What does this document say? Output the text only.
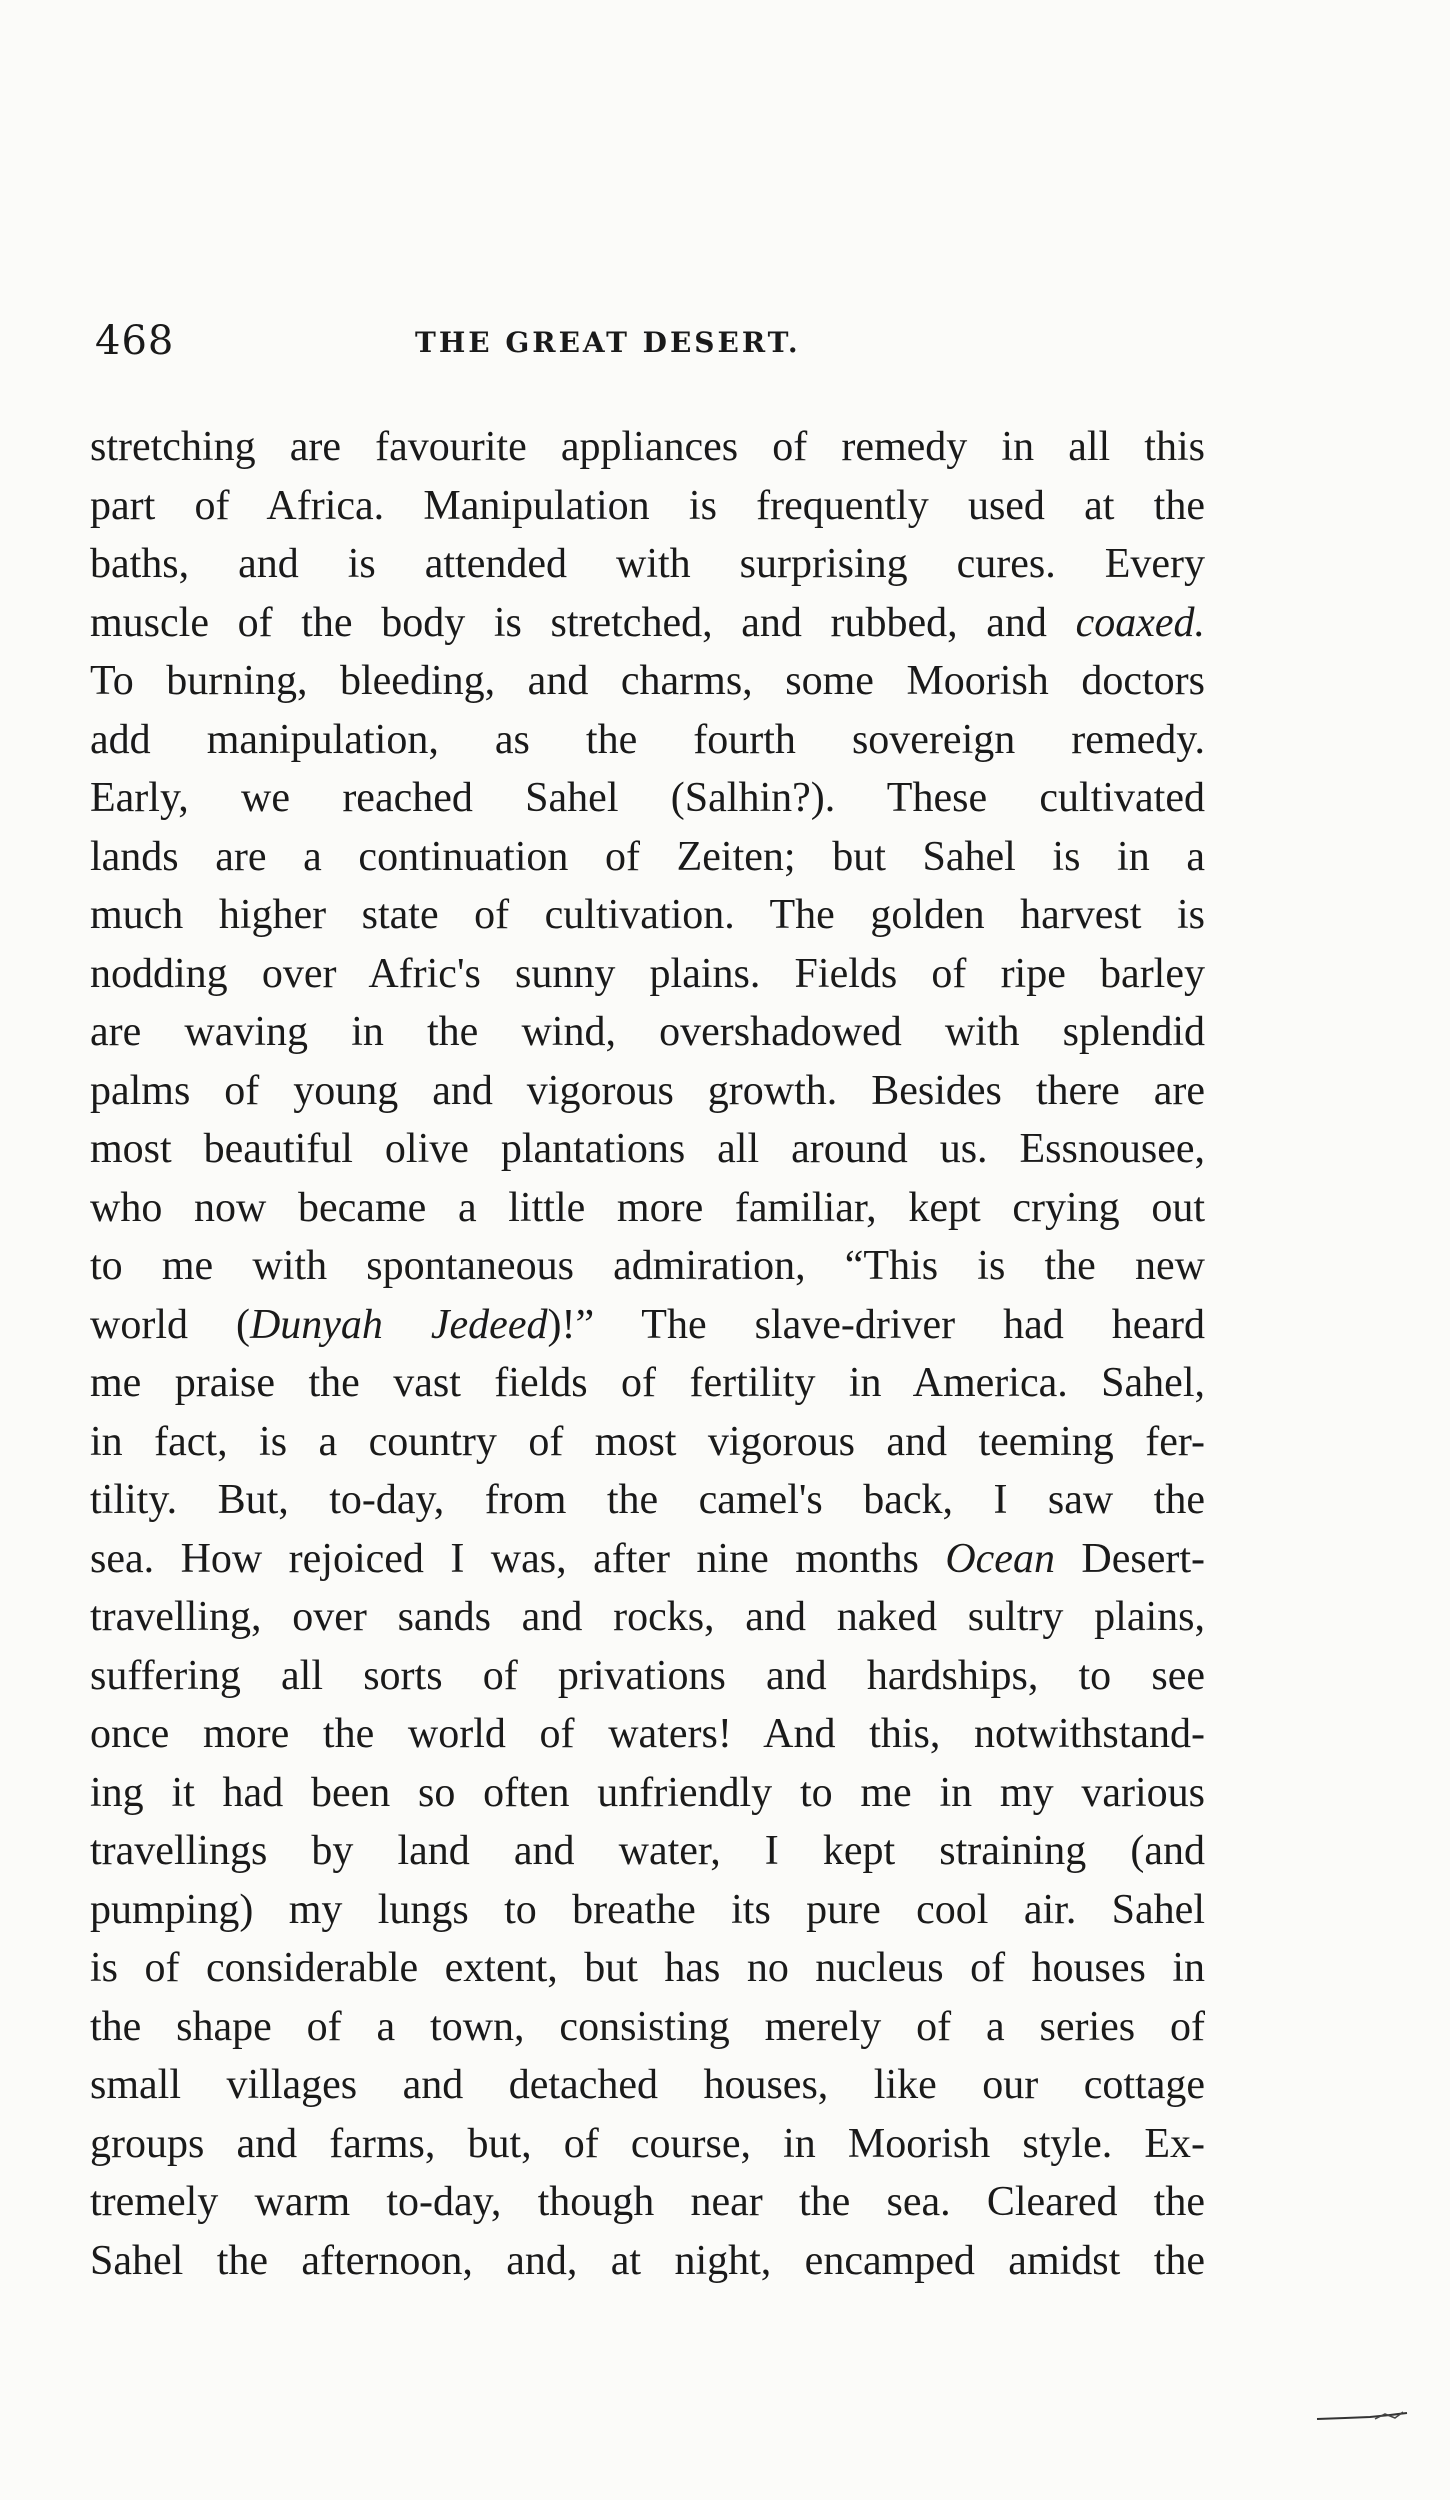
468	THE GREAT DESERT.
stretching are favourite appliances of remedy in all this
part of Africa. Manipulation is frequently used at the
baths, and is attended with surprising cures. Every
muscle of the body is stretched, and rubbed, and coaxed.
To burning, bleeding, and charms, some Moorish doctors
add manipulation, as the fourth sovereign remedy.
Early, we reached Sahel (Salhin?). These cultivated
lands are a continuation of Zeiten; but Sahel is in a
much higher state of cultivation. The golden harvest is
nodding over Afric's sunny plains. Fields of ripe barley
are waving in the wind, overshadowed with splendid
palms of young and vigorous growth. Besides there are
most beautiful olive plantations all around us. Essnousee,
who now became a little more familiar, kept crying out
to me with spontaneous admiration, “This is the new
world (Dunyah Jedeed)!” The slave-driver had heard
me praise the vast fields of fertility in America. Sahel,
in fact, is a country of most vigorous and teeming fer-
tility. But, to-day, from the camel's back, I saw the
sea. How rejoiced I was, after nine months Ocean Desert-
travelling, over sands and rocks, and naked sultry plains,
suffering all sorts of privations and hardships, to see
once more the world of waters! And this, notwithstand-
ing it had been so often unfriendly to me in my various
travellings by land and water, I kept straining (and
pumping) my lungs to breathe its pure cool air. Sahel
is of considerable extent, but has no nucleus of houses in
the shape of a town, consisting merely of a series of
small villages and detached houses, like our cottage
groups and farms, but, of course, in Moorish style. Ex-
tremely warm to-day, though near the sea. Cleared the
Sahel the afternoon, and, at night, encamped amidst the
